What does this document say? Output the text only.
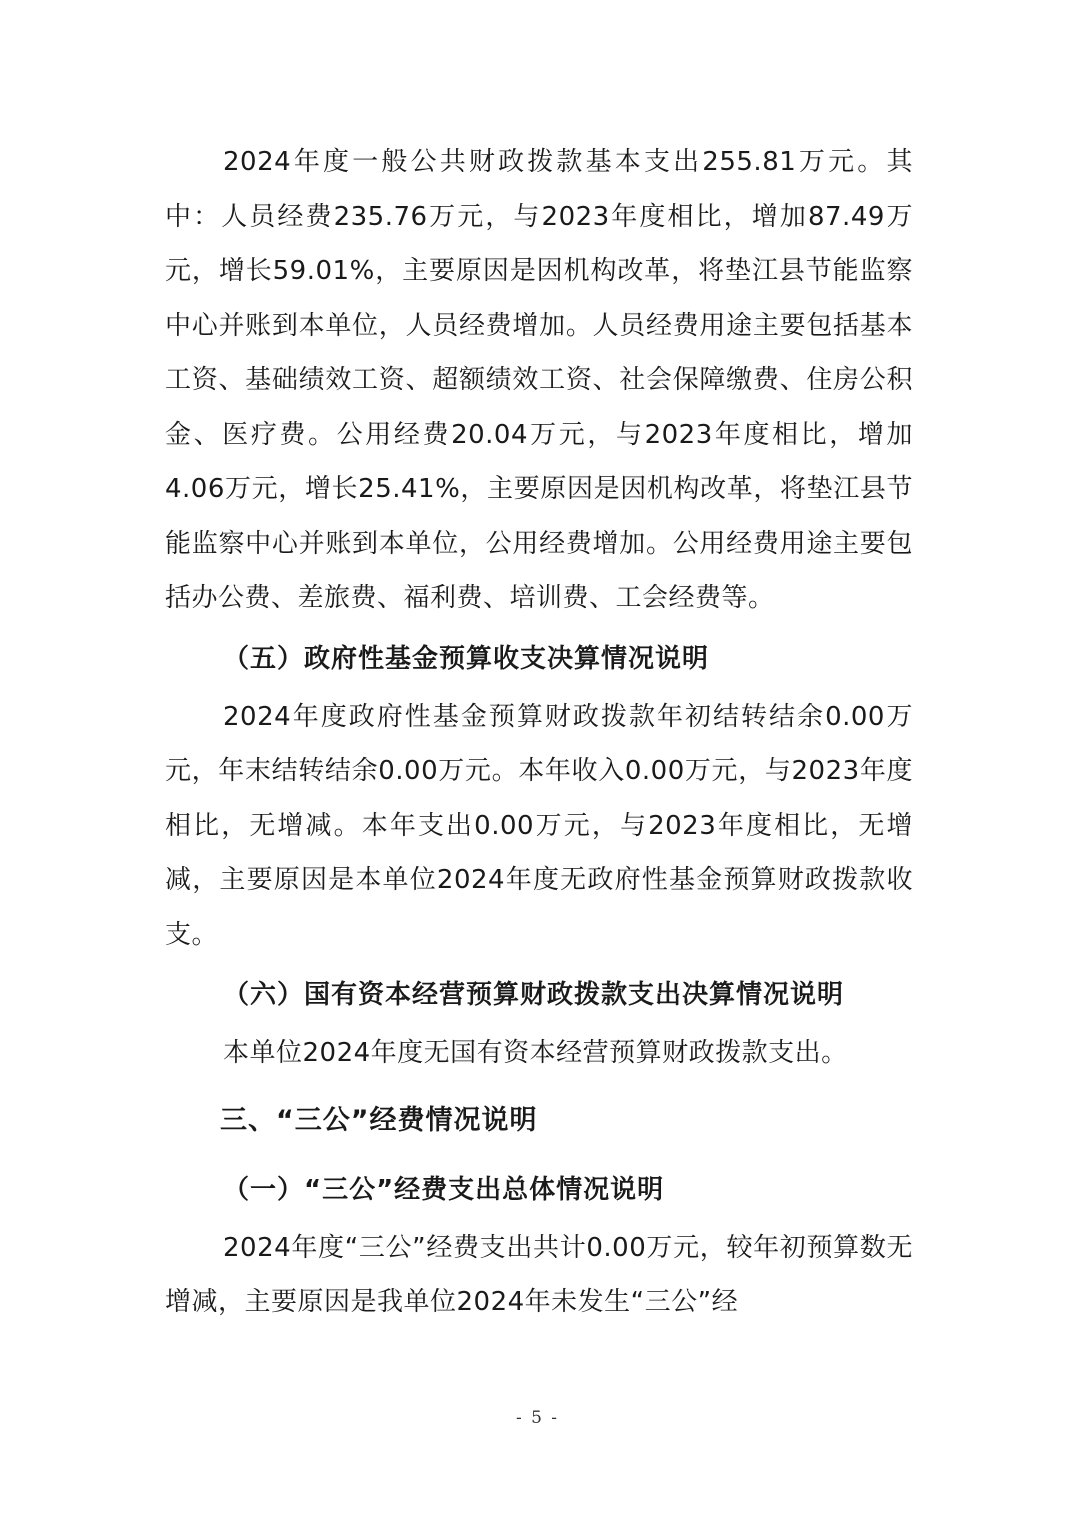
2024年度一般公共财政拨款基本支出255.81万元。其中：人员经费235.76万元，与2023年度相比，增加87.49万元，增长59.01%，主要原因是因机构改革，将垫江县节能监察中心并账到本单位，人员经费增加。人员经费用途主要包括基本工资、基础绩效工资、超额绩效工资、社会保障缴费、住房公积金、医疗费。公用经费20.04万元，与2023年度相比，增加4.06万元，增长25.41%，主要原因是因机构改革，将垫江县节能监察中心并账到本单位，公用经费增加。公用经费用途主要包括办公费、差旅费、福利费、培训费、工会经费等。

（五）政府性基金预算收支决算情况说明

2024年度政府性基金预算财政拨款年初结转结余0.00万元，年末结转结余0.00万元。本年收入0.00万元，与2023年度相比，无增减。本年支出0.00万元，与2023年度相比，无增减，主要原因是本单位2024年度无政府性基金预算财政拨款收支。

（六）国有资本经营预算财政拨款支出决算情况说明

本单位2024年度无国有资本经营预算财政拨款支出。

三、“三公”经费情况说明

（一）“三公”经费支出总体情况说明

2024年度“三公”经费支出共计0.00万元，较年初预算数无增减，主要原因是我单位2024年未发生“三公”经

- 5 -
